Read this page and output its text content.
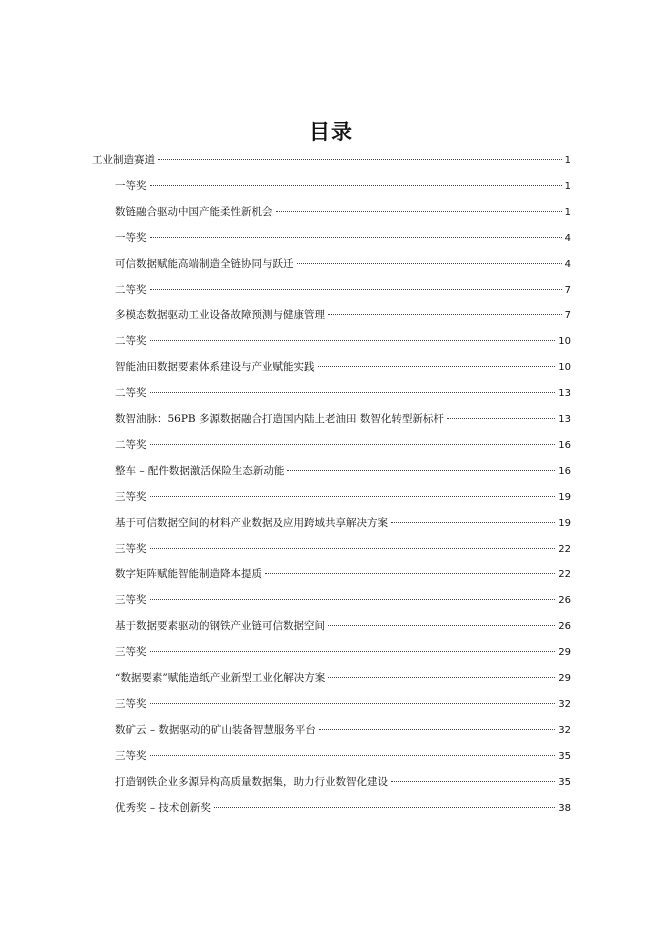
目录
工业制造赛道	1
一等奖	1
数链融合驱动中国产能柔性新机会	1
一等奖	4
可信数据赋能高端制造全链协同与跃迁	4
二等奖	7
多模态数据驱动工业设备故障预测与健康管理	7
二等奖	10
智能油田数据要素体系建设与产业赋能实践	10
二等奖	13
数智油脉：56PB 多源数据融合打造国内陆上老油田 数智化转型新标杆	13
二等奖	16
整车 – 配件数据激活保险生态新动能	16
三等奖	19
基于可信数据空间的材料产业数据及应用跨域共享解决方案	19
三等奖	22
数字矩阵赋能智能制造降本提质	22
三等奖	26
基于数据要素驱动的钢铁产业链可信数据空间	26
三等奖	29
“数据要素”赋能造纸产业新型工业化解决方案	29
三等奖	32
数矿云 – 数据驱动的矿山装备智慧服务平台	32
三等奖	35
打造钢铁企业多源异构高质量数据集，助力行业数智化建设	35
优秀奖 – 技术创新奖	38
